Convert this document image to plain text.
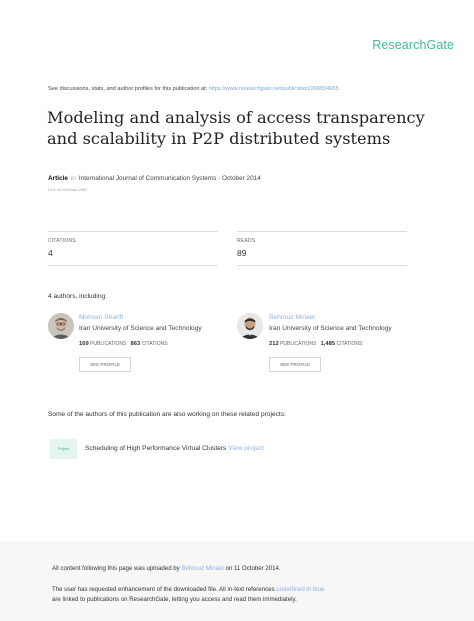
ResearchGate
See discussions, stats, and author profiles for this publication at: https://www.researchgate.net/publication/266834655
Modeling and analysis of access transparency and scalability in P2P distributed systems
Article in International Journal of Communication Systems · October 2014
DOI: 10.1002/dac.2487
CITATIONS
4
READS
89
4 authors, including:
Mohsen Sharifi
Iran University of Science and Technology
169 PUBLICATIONS 863 CITATIONS
SEE PROFILE
Behrouz Minaei
Iran University of Science and Technology
212 PUBLICATIONS 1,485 CITATIONS
SEE PROFILE
Some of the authors of this publication are also working on these related projects:
Project	Scheduling of High Performance Virtual Clusters View project
All content following this page was uploaded by Behrouz Minaei on 11 October 2014.
The user has requested enhancement of the downloaded file. All in-text references underlined in blue
are linked to publications on ResearchGate, letting you access and read them immediately.
